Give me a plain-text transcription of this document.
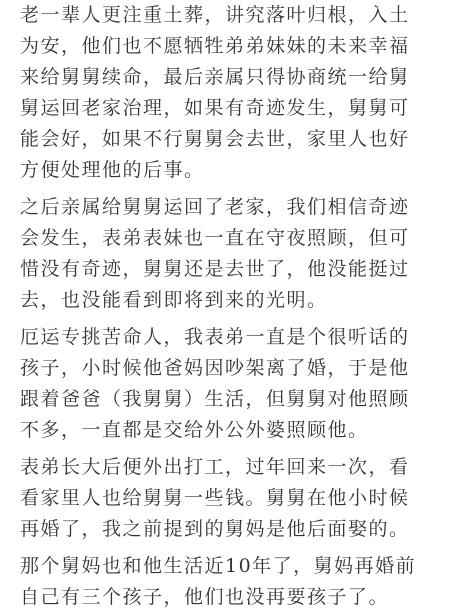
老一辈人更注重土葬，讲究落叶归根，入土
为安，他们也不愿牺牲弟弟妹妹的未来幸福
来给舅舅续命，最后亲属只得协商统一给舅
舅运回老家治理，如果有奇迹发生，舅舅可
能会好，如果不行舅舅会去世，家里人也好
方便处理他的后事。
之后亲属给舅舅运回了老家，我们相信奇迹
会发生，表弟表妹也一直在守夜照顾，但可
惜没有奇迹，舅舅还是去世了，他没能挺过
去，也没能看到即将到来的光明。
厄运专挑苦命人，我表弟一直是个很听话的
孩子，小时候他爸妈因吵架离了婚，于是他
跟着爸爸（我舅舅）生活，但舅舅对他照顾
不多，一直都是交给外公外婆照顾他。
表弟长大后便外出打工，过年回来一次，看
看家里人也给舅舅一些钱。舅舅在他小时候
再婚了，我之前提到的舅妈是他后面娶的。
那个舅妈也和他生活近10年了，舅妈再婚前
自己有三个孩子，他们也没再要孩子了。
